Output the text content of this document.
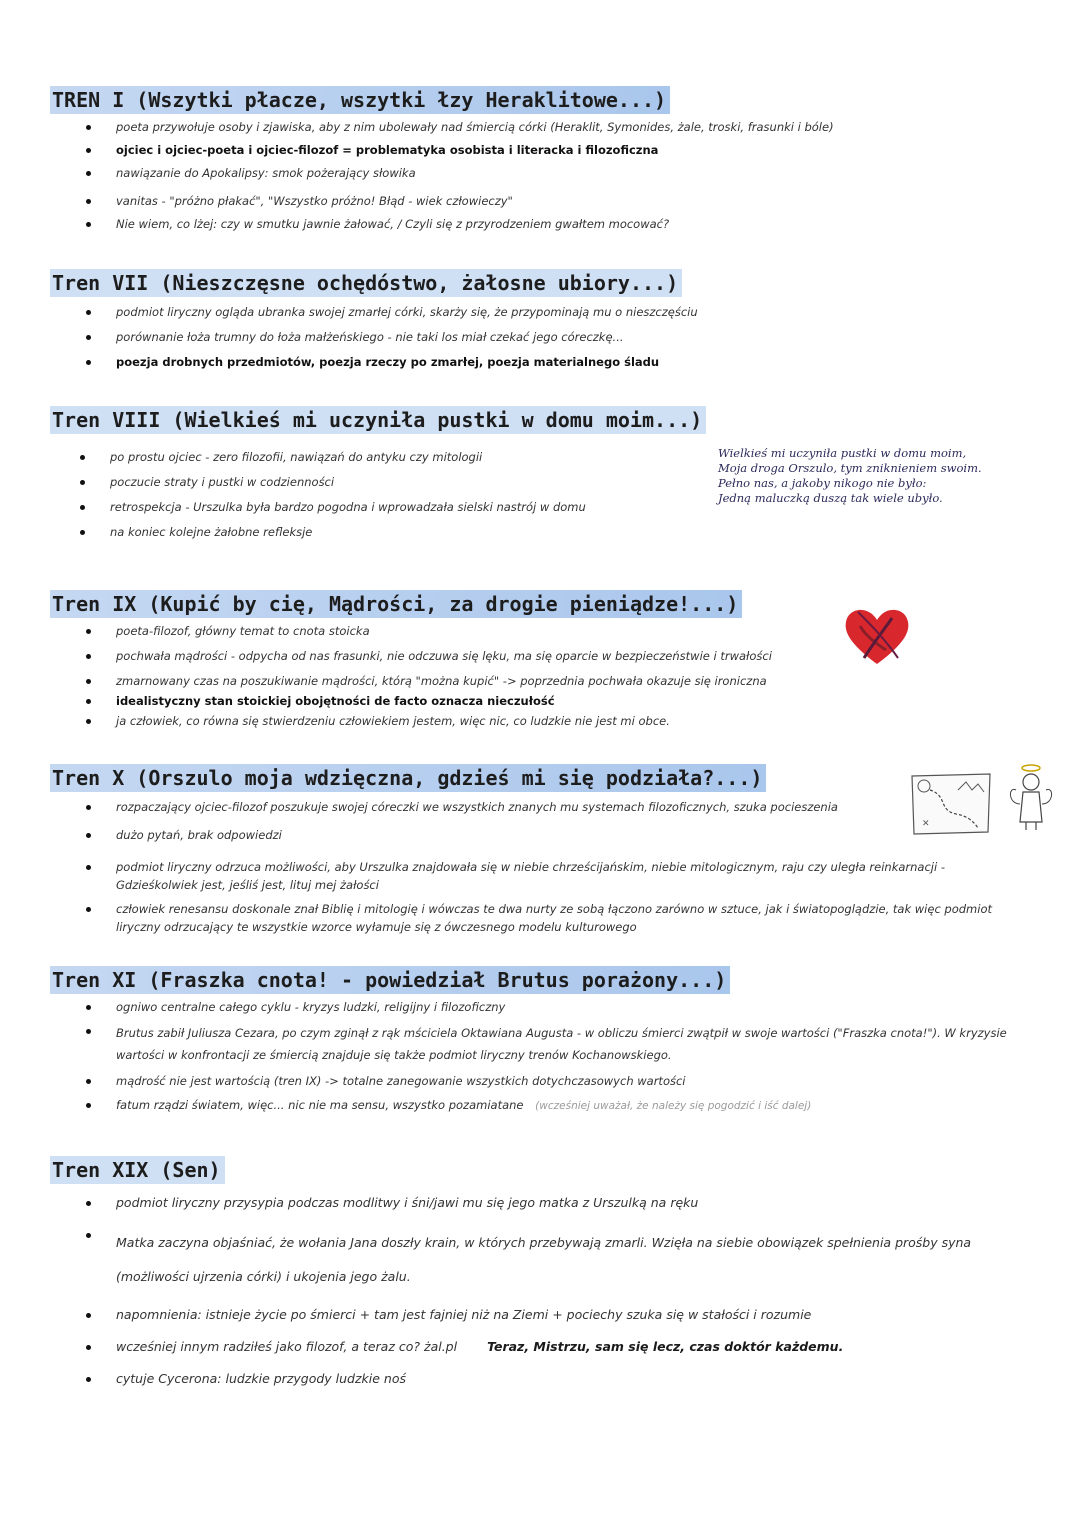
TREN I (Wszytki płacze, wszytki łzy Heraklitowe...)
poeta przywołuje osoby i zjawiska, aby z nim ubolewały nad śmiercią córki (Heraklit, Symonides, żale, troski, frasunki i bóle)
ojciec i ojciec-poeta i ojciec-filozof = problematyka osobista i literacka i filozoficzna
nawiązanie do Apokalipsy: smok pożerający słowika
vanitas - "próżno płakać", "Wszystko próżno! Błąd - wiek człowieczy"
Nie wiem, co lżej: czy w smutku jawnie żałować, / Czyli się z przyrodzeniem gwałtem mocować?
Tren VII (Nieszczęsne ochędóstwo, żałosne ubiory...)
podmiot liryczny ogląda ubranka swojej zmarłej córki, skarży się, że przypominają mu o nieszczęściu
porównanie łoża trumny do łoża małżeńskiego - nie taki los miał czekać jego córeczkę...
poezja drobnych przedmiotów, poezja rzeczy po zmarłej, poezja materialnego śladu
Tren VIII (Wielkieś mi uczyniła pustki w domu moim...)
po prostu ojciec - zero filozofii, nawiązań do antyku czy mitologii
poczucie straty i pustki w codzienności
retrospekcja - Urszulka była bardzo pogodna i wprowadzała sielski nastrój w domu
na koniec kolejne żałobne refleksje
Wielkieś mi uczyniła pustki w domu moim,
Moja droga Orszulo, tym zniknieniem swoim.
Pełno nas, a jakoby nikogo nie było:
Jedną maluczką duszą tak wiele ubyło.
Tren IX (Kupić by cię, Mądrości, za drogie pieniądze!...)
poeta-filozof, główny temat to cnota stoicka
pochwała mądrości - odpycha od nas frasunki, nie odczuwa się lęku, ma się oparcie w bezpieczeństwie i trwałości
zmarnowany czas na poszukiwanie mądrości, którą "można kupić" -> poprzednia pochwała okazuje się ironiczna
idealistyczny stan stoickiej obojętności de facto oznacza nieczułość
ja człowiek, co równa się stwierdzeniu człowiekiem jestem, więc nic, co ludzkie nie jest mi obce.
Tren X (Orszulo moja wdzięczna, gdzieś mi się podziała?...)
rozpaczający ojciec-filozof poszukuje swojej córeczki we wszystkich znanych mu systemach filozoficznych, szuka pocieszenia
dużo pytań, brak odpowiedzi
podmiot liryczny odrzuca możliwości, aby Urszulka znajdowała się w niebie chrześcijańskim, niebie mitologicznym, raju czy uległa reinkarnacji - Gdzieśkolwiek jest, jeśliś jest, lituj mej żałości
człowiek renesansu doskonale znał Biblię i mitologię i wówczas te dwa nurty ze sobą łączono zarówno w sztuce, jak i światopoglądzie, tak więc podmiot liryczny odrzucający te wszystkie wzorce wyłamuje się z ówczesnego modelu kulturowego
✕
Tren XI (Fraszka cnota! - powiedział Brutus porażony...)
ogniwo centralne całego cyklu - kryzys ludzki, religijny i filozoficzny
Brutus zabił Juliusza Cezara, po czym zginął z rąk mściciela Oktawiana Augusta - w obliczu śmierci zwątpił w swoje wartości ("Fraszka cnota!"). W kryzysie wartości w konfrontacji ze śmiercią znajduje się także podmiot liryczny trenów Kochanowskiego.
mądrość nie jest wartością (tren IX) -> totalne zanegowanie wszystkich dotychczasowych wartości
fatum rządzi światem, więc... nic nie ma sensu, wszystko pozamiatane (wcześniej uważał, że należy się pogodzić i iść dalej)
Tren XIX (Sen)
podmiot liryczny przysypia podczas modlitwy i śni/jawi mu się jego matka z Urszulką na ręku
Matka zaczyna objaśniać, że wołania Jana doszły krain, w których przebywają zmarli. Wzięła na siebie obowiązek spełnienia prośby syna (możliwości ujrzenia córki) i ukojenia jego żalu.
napomnienia: istnieje życie po śmierci + tam jest fajniej niż na Ziemi + pociechy szuka się w stałości i rozumie
wcześniej innym radziłeś jako filozof, a teraz co? żal.pl Teraz, Mistrzu, sam się lecz, czas doktór każdemu.
cytuje Cycerona: ludzkie przygody ludzkie noś
